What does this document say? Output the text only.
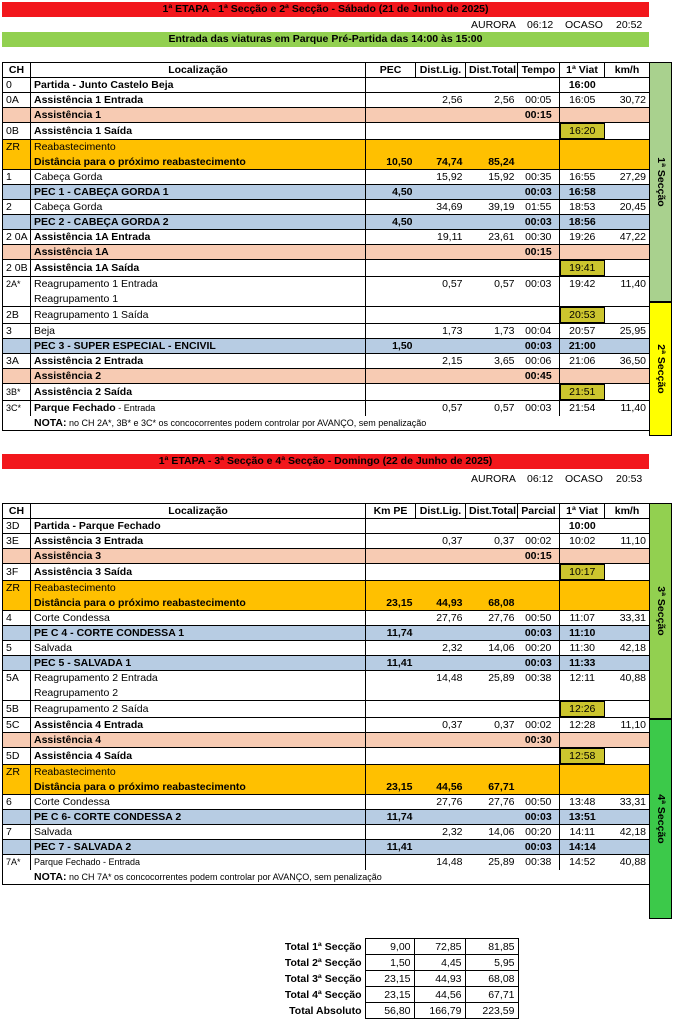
1ª ETAPA - 1ª Secção e 2ª Secção - Sábado (21 de Junho de 2025)
AURORA 06:12 OCASO 20:52
Entrada das viaturas em Parque Pré-Partida das 14:00 às 15:00
CH	Localização	PEC	Dist.Lig.	Dist.Total	Tempo	1ª Viat	km/h
0	Partida - Junto Castelo Beja					16:00	
0A	Assistência 1 Entrada		2,56	2,56	00:05	16:05	30,72
	Assistência 1				00:15		
0B	Assistência 1 Saída					16:20	

ZR	Reabastecimento						
	Distância para o próximo reabastecimento	10,50	74,74	85,24			
1	Cabeça Gorda		15,92	15,92	00:35	16:55	27,29
	PEC 1 - CABEÇA GORDA 1	4,50			00:03	16:58	
2	Cabeça Gorda		34,69	39,19	01:55	18:53	20,45
	PEC 2 - CABEÇA GORDA 2	4,50			00:03	18:56	
2 0A	Assistência 1A Entrada		19,11	23,61	00:30	19:26	47,22
	Assistência 1A				00:15		
2 0B	Assistência 1A Saída					19:41	

2A*	Reagrupamento 1 Entrada		0,57	0,57	00:03	19:42	11,40
	Reagrupamento 1						
2B	Reagrupamento 1 Saída					20:53	

3	Beja		1,73	1,73	00:04	20:57	25,95
	PEC 3 - SUPER ESPECIAL - ENCIVIL	1,50			00:03	21:00	
3A	Assistência 2 Entrada		2,15	3,65	00:06	21:06	36,50
	Assistência 2				00:45		
3B*	Assistência 2 Saída					21:51	

3C*	Parque Fechado - Entrada		0,57	0,57	00:03	21:54	11,40
NOTA: no CH 2A*, 3B* e 3C* os concocorrentes podem controlar por AVANÇO, sem penalização							
1ª Secção
2ª Secção
1ª ETAPA - 3ª Secção e 4ª Secção - Domingo (22 de Junho de 2025)
AURORA 06:12 OCASO 20:53
CH	Localização	Km PE	Dist.Lig.	Dist.Total	Parcial	1ª Viat	km/h
3D	Partida - Parque Fechado					10:00	
3E	Assistência 3 Entrada		0,37	0,37	00:02	10:02	11,10
	Assistência 3				00:15		
3F	Assistência 3 Saída					10:17	

ZR	Reabastecimento						
	Distância para o próximo reabastecimento	23,15	44,93	68,08			
4	Corte Condessa		27,76	27,76	00:50	11:07	33,31
	PE C 4 - CORTE CONDESSA 1	11,74			00:03	11:10	
5	Salvada		2,32	14,06	00:20	11:30	42,18
	PEC 5 - SALVADA 1	11,41			00:03	11:33	
5A	Reagrupamento 2 Entrada		14,48	25,89	00:38	12:11	40,88
	Reagrupamento 2						
5B	Reagrupamento 2 Saída					12:26	

5C	Assistência 4 Entrada		0,37	0,37	00:02	12:28	11,10
	Assistência 4				00:30		
5D	Assistência 4 Saída					12:58	

ZR	Reabastecimento						
	Distância para o próximo reabastecimento	23,15	44,56	67,71			
6	Corte Condessa		27,76	27,76	00:50	13:48	33,31
	PE C 6- CORTE CONDESSA 2	11,74			00:03	13:51	
7	Salvada		2,32	14,06	00:20	14:11	42,18
	PEC 7 - SALVADA 2	11,41			00:03	14:14	
7A*	Parque Fechado - Entrada		14,48	25,89	00:38	14:52	40,88
NOTA: no CH 7A* os concocorrentes podem controlar por AVANÇO, sem penalização							
3ª Secção
4ª Secção
Total 1ª Secção	9,00	72,85	81,85
Total 2ª Secção	1,50	4,45	5,95
Total 3ª Secção	23,15	44,93	68,08
Total 4ª Secção	23,15	44,56	67,71
Total Absoluto	56,80	166,79	223,59
